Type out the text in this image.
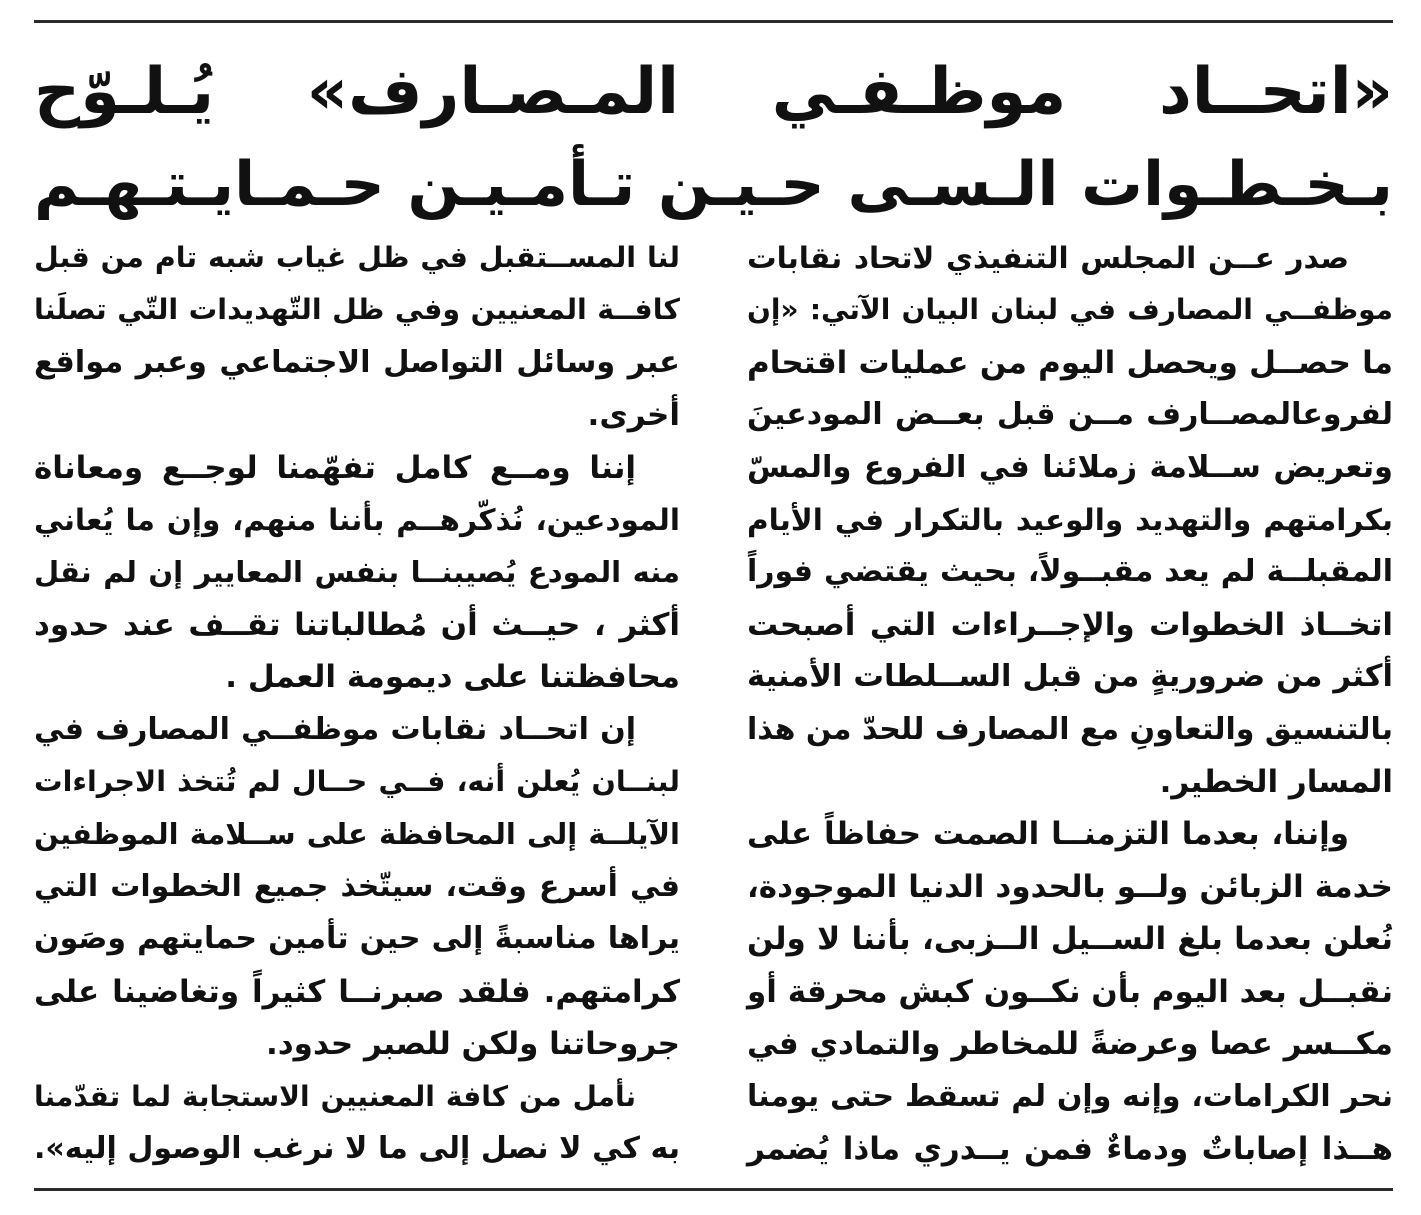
«اتحــاد موظـفـي المـصـارف» يُـلـوّح
بـخـطـوات الـسـى حـيـن تـأمـيـن حـمـايـتـهـم

صدر عــن المجلس التنفيذي لاتحاد نقابات
موظفــي المصارف في لبنان البيان الآتي: «إن
ما حصــل ويحصل اليوم من عمليات اقتحام
لفروعالمصــارف مــن قبل بعــض المودعينَ
وتعريض ســلامة زملائنا في الفروع والمسّ
بكرامتهم والتهديد والوعيد بالتكرار في الأيام
المقبلــة لم يعد مقبــولاً، بحيث يقتضي فوراً
اتخــاذ الخطوات والإجــراءات التي أصبحت
أكثر من ضروريةٍ من قبل الســلطات الأمنية
بالتنسيق والتعاونِ مع المصارف للحدّ من هذا
المسار الخطير.

وإننا، بعدما التزمنــا الصمت حفاظاً على
خدمة الزبائن ولــو بالحدود الدنيا الموجودة،
نُعلن بعدما بلغ الســيل الــزبى، بأننا لا ولن
نقبــل بعد اليوم بأن نكــون كبش محرقة أو
مكــسر عصا وعرضةً للمخاطر والتمادي في
نحر الكرامات، وإنه وإن لم تسقط حتى يومنا
هــذا إصاباتٌ ودماءٌ فمن يــدري ماذا يُضمر

لنا المســتقبل في ظل غياب شبه تام من قبل
كافــة المعنيين وفي ظل التّهديدات التّي تصلَنا
عبر وسائل التواصل الاجتماعي وعبر مواقع
أخرى.

إننا ومــع كامل تفهّمنا لوجــع ومعاناة
المودعين، نُذكّرهــم بأننا منهم، وإن ما يُعاني
منه المودع يُصيبنــا بنفس المعايير إن لم نقل
أكثر ، حيــث أن مُطالباتنا تقــف عند حدود
محافظتنا على ديمومة العمل .

إن اتحــاد نقابات موظفــي المصارف في
لبنــان يُعلن أنه، فــي حــال لم تُتخذ الاجراءات
الآيلــة إلى المحافظة على ســلامة الموظفين
في أسرع وقت، سيتّخذ جميع الخطوات التي
يراها مناسبةً إلى حين تأمين حمايتهم وصَون
كرامتهم. فلقد صبرنــا كثيراً وتغاضينا على
جروحاتنا ولكن للصبر حدود.

نأمل من كافة المعنيين الاستجابة لما تقدّمنا
به كي لا نصل إلى ما لا نرغب الوصول إليه».
